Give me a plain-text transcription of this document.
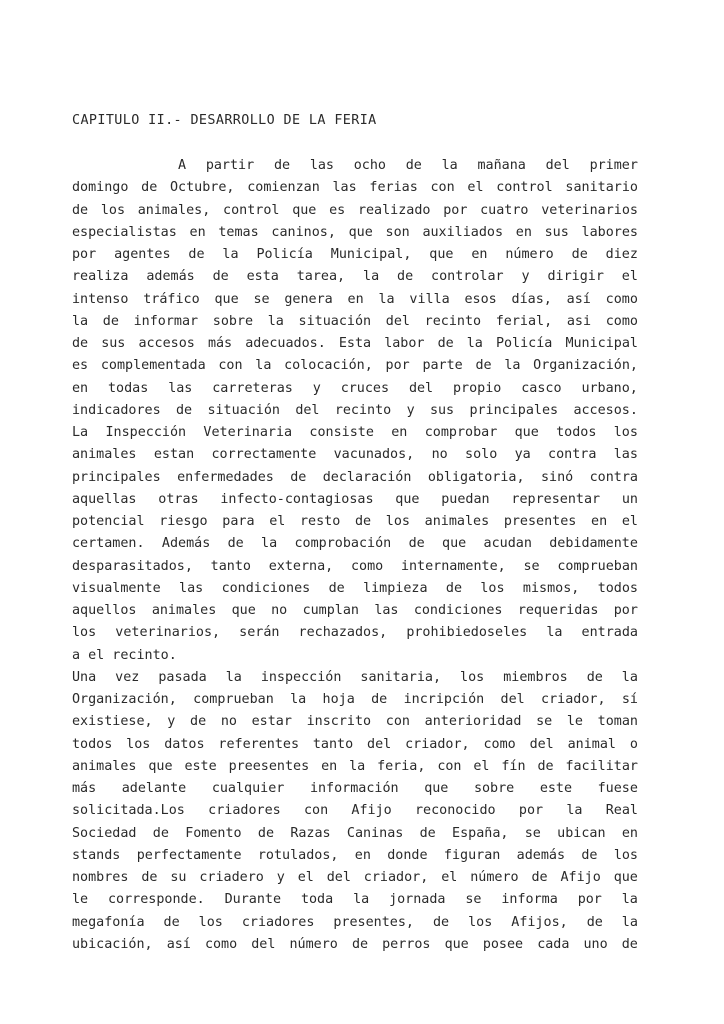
CAPITULO II.- DESARROLLO DE LA FERIA
A partir de las ocho de la mañana del primer
domingo de Octubre, comienzan las ferias con el control sanitario
de los animales, control que es realizado por cuatro veterinarios
especialistas en temas caninos, que son auxiliados en sus labores
por agentes de la Policía Municipal, que en número de diez
realiza además de esta tarea, la de controlar y dirigir el
intenso tráfico que se genera en la villa esos días, así como
la de informar sobre la situación del recinto ferial, asi como
de sus accesos más adecuados. Esta labor de la Policía Municipal
es complementada con la colocación, por parte de la Organización,
en todas las carreteras y cruces del propio casco urbano,
indicadores de situación del recinto y sus principales accesos.
La Inspección Veterinaria consiste en comprobar que todos los
animales estan correctamente vacunados, no solo ya contra las
principales enfermedades de declaración obligatoria, sinó contra
aquellas otras infecto-contagiosas que puedan representar un
potencial riesgo para el resto de los animales presentes en el
certamen. Además de la comprobación de que acudan debidamente
desparasitados, tanto externa, como internamente, se comprueban
visualmente las condiciones de limpieza de los mismos, todos
aquellos animales que no cumplan las condiciones requeridas por
los veterinarios, serán rechazados, prohibiedoseles la entrada
a el recinto.
Una vez pasada la inspección sanitaria, los miembros de la
Organización, comprueban la hoja de incripción del criador, sí
existiese, y de no estar inscrito con anterioridad se le toman
todos los datos referentes tanto del criador, como del animal o
animales que este preesentes en la feria, con el fín de facilitar
más adelante cualquier información que sobre este fuese
solicitada.Los criadores con Afijo reconocido por la Real
Sociedad de Fomento de Razas Caninas de España, se ubican en
stands perfectamente rotulados, en donde figuran además de los
nombres de su criadero y el del criador, el número de Afijo que
le corresponde. Durante toda la jornada se informa por la
megafonía de los criadores presentes, de los Afijos, de la
ubicación, así como del número de perros que posee cada uno de
